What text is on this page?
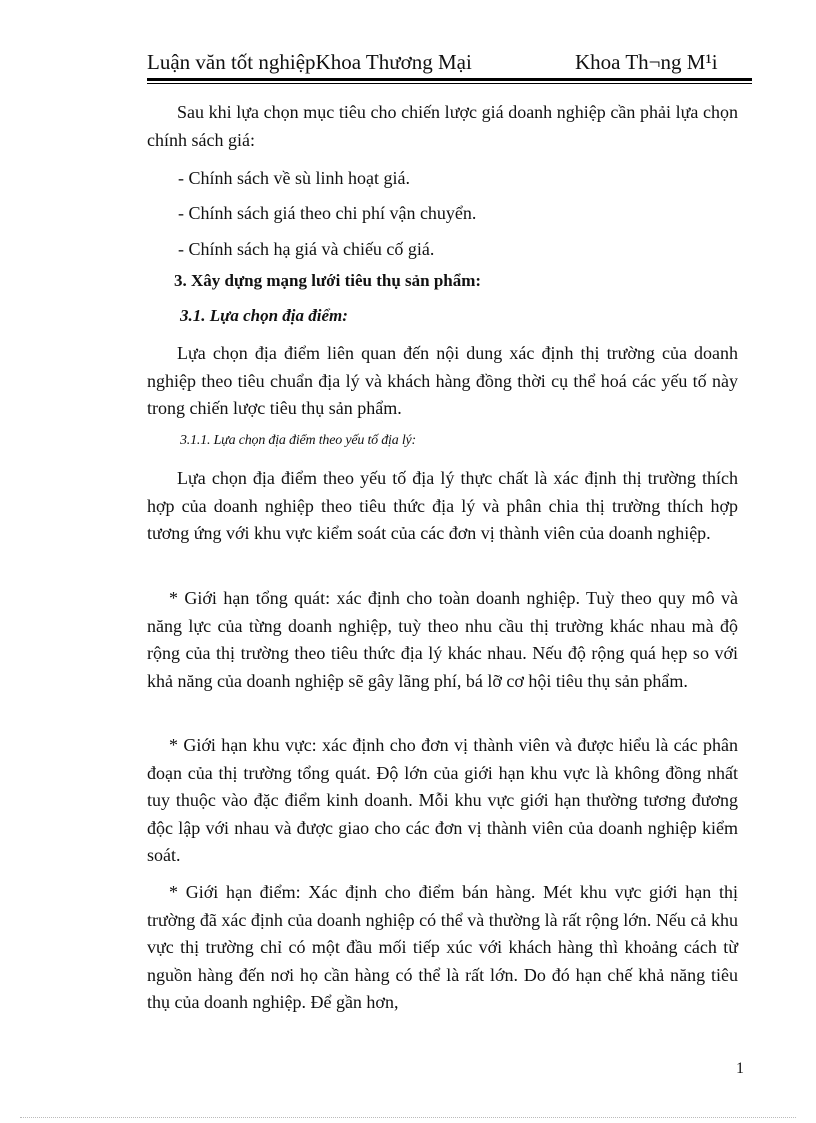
Luận văn tốt nghiệpKhoa Thương Mại	Khoa Th¬ng M¹i
Sau khi lựa chọn mục tiêu cho chiến lược giá doanh nghiệp cần phải lựa chọn chính sách giá:
- Chính sách về sù linh hoạt giá.
- Chính sách giá theo chi phí vận chuyển.
- Chính sách hạ giá và chiếu cố giá.
3. Xây dựng mạng lưới tiêu thụ sản phẩm:
3.1. Lựa chọn địa điểm:
Lựa chọn địa điểm liên quan đến nội dung xác định thị trường của doanh nghiệp theo tiêu chuẩn địa lý và khách hàng đồng thời cụ thể hoá các yếu tố này trong chiến lược tiêu thụ sản phẩm.
3.1.1. Lựa chọn địa điểm theo yếu tố địa lý:
Lựa chọn địa điểm theo yếu tố địa lý thực chất là xác định thị trường thích hợp của doanh nghiệp theo tiêu thức địa lý và phân chia thị trường thích hợp tương ứng với khu vực kiểm soát của các đơn vị thành viên của doanh nghiệp.
* Giới hạn tổng quát: xác định cho toàn doanh nghiệp. Tuỳ theo quy mô và năng lực của từng doanh nghiệp, tuỳ theo nhu cầu thị trường khác nhau mà độ rộng của thị trường theo tiêu thức địa lý khác nhau. Nếu độ rộng quá hẹp so với khả năng của doanh nghiệp sẽ gây lãng phí, bá lỡ cơ hội tiêu thụ sản phẩm.
* Giới hạn khu vực: xác định cho đơn vị thành viên và được hiểu là các phân đoạn của thị trường tổng quát. Độ lớn của giới hạn khu vực là không đồng nhất tuy thuộc vào đặc điểm kinh doanh. Mỗi khu vực giới hạn thường tương đương độc lập với nhau và được giao cho các đơn vị thành viên của doanh nghiệp kiểm soát.
* Giới hạn điểm: Xác định cho điểm bán hàng. Mét khu vực giới hạn thị trường đã xác định của doanh nghiệp có thể và thường là rất rộng lớn. Nếu cả khu vực thị trường chỉ có một đầu mối tiếp xúc với khách hàng thì khoảng cách từ nguồn hàng đến nơi họ cần hàng có thể là rất lớn. Do đó hạn chế khả năng tiêu thụ của doanh nghiệp. Để gần hơn,
1
